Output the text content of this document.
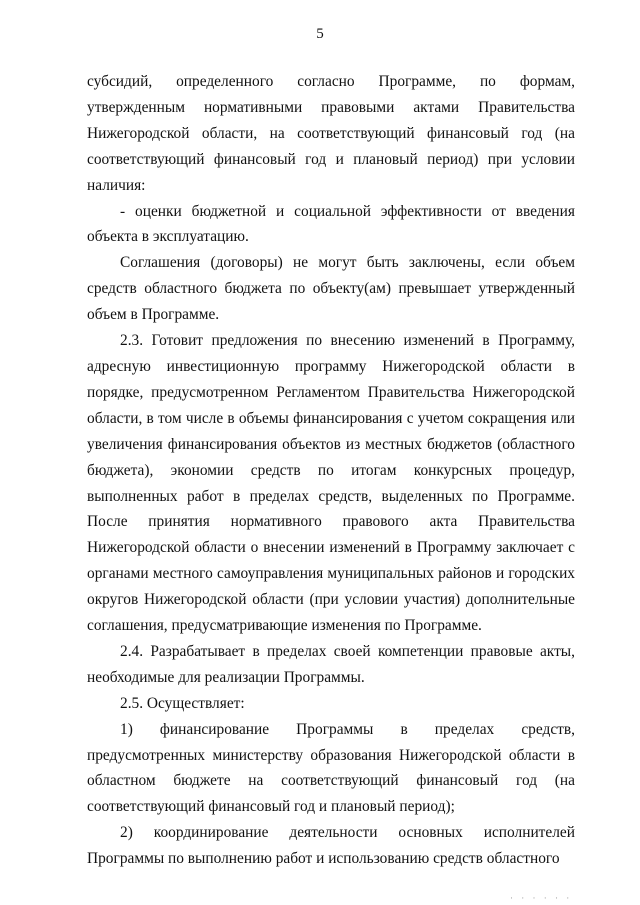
5

субсидий, определенного согласно Программе, по формам, утвержденным нормативными правовыми актами Правительства Нижегородской области, на соответствующий финансовый год (на соответствующий финансовый год и плановый период) при условии наличия:

- оценки бюджетной и социальной эффективности от введения объекта в эксплуатацию.

Соглашения (договоры) не могут быть заключены, если объем средств областного бюджета по объекту(ам) превышает утвержденный объем в Программе.

2.3. Готовит предложения по внесению изменений в Программу, адресную инвестиционную программу Нижегородской области в порядке, предусмотренном Регламентом Правительства Нижегородской области, в том числе в объемы финансирования с учетом сокращения или увеличения финансирования объектов из местных бюджетов (областного бюджета), экономии средств по итогам конкурсных процедур, выполненных работ в пределах средств, выделенных по Программе. После принятия нормативного правового акта Правительства Нижегородской области о внесении изменений в Программу заключает с органами местного самоуправления муниципальных районов и городских округов Нижегородской области (при условии участия) дополнительные соглашения, предусматривающие изменения по Программе.

2.4. Разрабатывает в пределах своей компетенции правовые акты, необходимые для реализации Программы.

2.5. Осуществляет:

1) финансирование Программы в пределах средств, предусмотренных министерству образования Нижегородской области в областном бюджете на соответствующий финансовый год (на соответствующий финансовый год и плановый период);

2) координирование деятельности основных исполнителей Программы по выполнению работ и использованию средств областного

· · · · · ·
